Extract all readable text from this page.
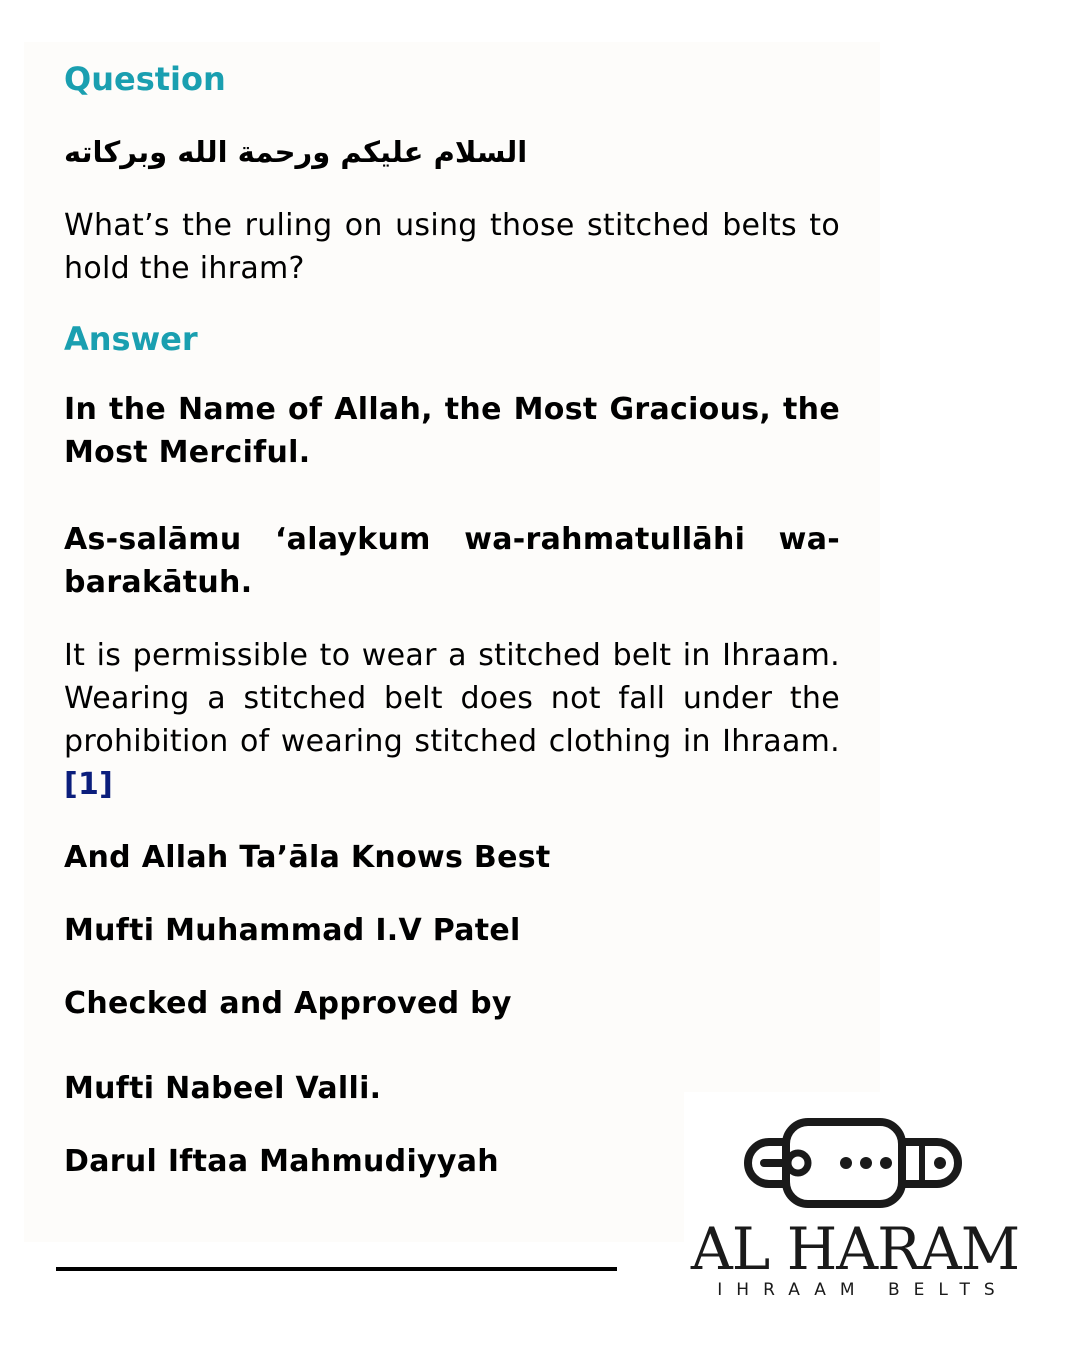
Question

السلام عليكم ورحمة الله وبركاته

What’s the ruling on using those stitched belts to hold the ihram?

Answer

In the Name of Allah, the Most Gracious, the Most Merciful.

As-salāmu ‘alaykum wa-rahmatullāhi wa-barakātuh.

It is permissible to wear a stitched belt in Ihraam. Wearing a stitched belt does not fall under the prohibition of wearing stitched clothing in Ihraam. [1]

And Allah Ta’āla Knows Best

Mufti Muhammad I.V Patel

Checked and Approved by

Mufti Nabeel Valli.

Darul Iftaa Mahmudiyyah

AL HARAM
IHRAAM BELTS
